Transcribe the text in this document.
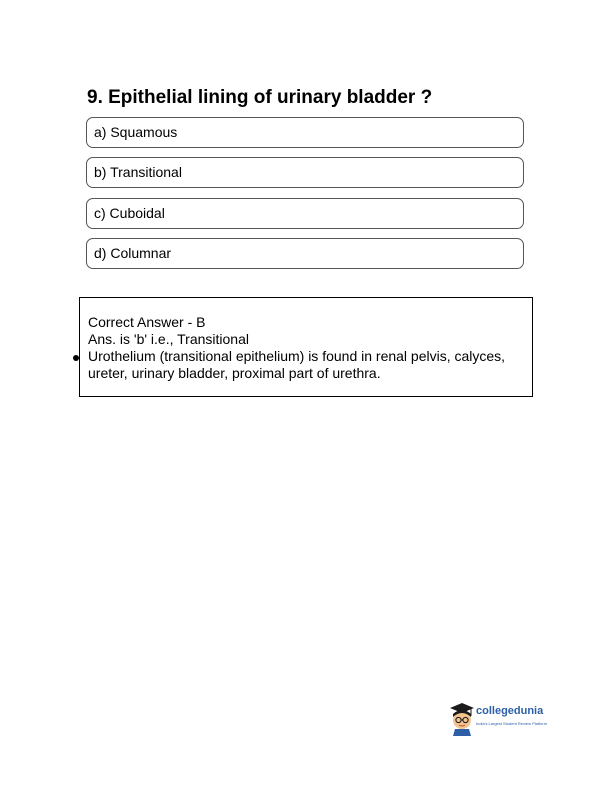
9. Epithelial lining of urinary bladder ?
a) Squamous
b) Transitional
c) Cuboidal
d) Columnar
Correct Answer - B
Ans. is 'b' i.e., Transitional
Urothelium (transitional epithelium) is found in renal pelvis, calyces, ureter, urinary bladder, proximal part of urethra.
collegedunia
India's Largest Student Review Platform
